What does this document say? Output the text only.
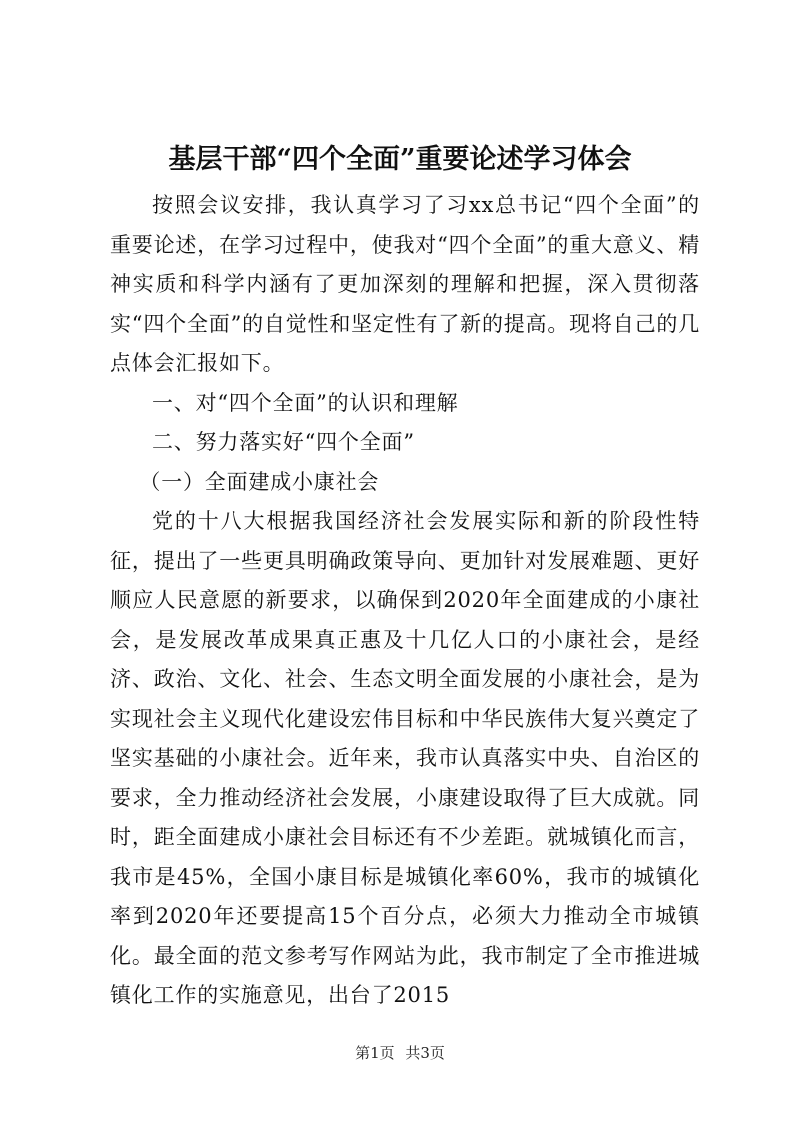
基层干部“四个全面”重要论述学习体会

按照会议安排，我认真学习了习xx总书记“四个全面”的重要论述，在学习过程中，使我对“四个全面”的重大意义、精神实质和科学内涵有了更加深刻的理解和把握，深入贯彻落实“四个全面”的自觉性和坚定性有了新的提高。现将自己的几点体会汇报如下。

一、对“四个全面”的认识和理解

二、努力落实好“四个全面”

（一）全面建成小康社会

党的十八大根据我国经济社会发展实际和新的阶段性特征，提出了一些更具明确政策导向、更加针对发展难题、更好顺应人民意愿的新要求，以确保到2020年全面建成的小康社会，是发展改革成果真正惠及十几亿人口的小康社会，是经济、政治、文化、社会、生态文明全面发展的小康社会，是为实现社会主义现代化建设宏伟目标和中华民族伟大复兴奠定了坚实基础的小康社会。近年来，我市认真落实中央、自治区的要求，全力推动经济社会发展，小康建设取得了巨大成就。同时，距全面建成小康社会目标还有不少差距。就城镇化而言，我市是45%，全国小康目标是城镇化率60%，我市的城镇化率到2020年还要提高15个百分点，必须大力推动全市城镇化。最全面的范文参考写作网站为此，我市制定了全市推进城镇化工作的实施意见，出台了2015

第1页 共3页
